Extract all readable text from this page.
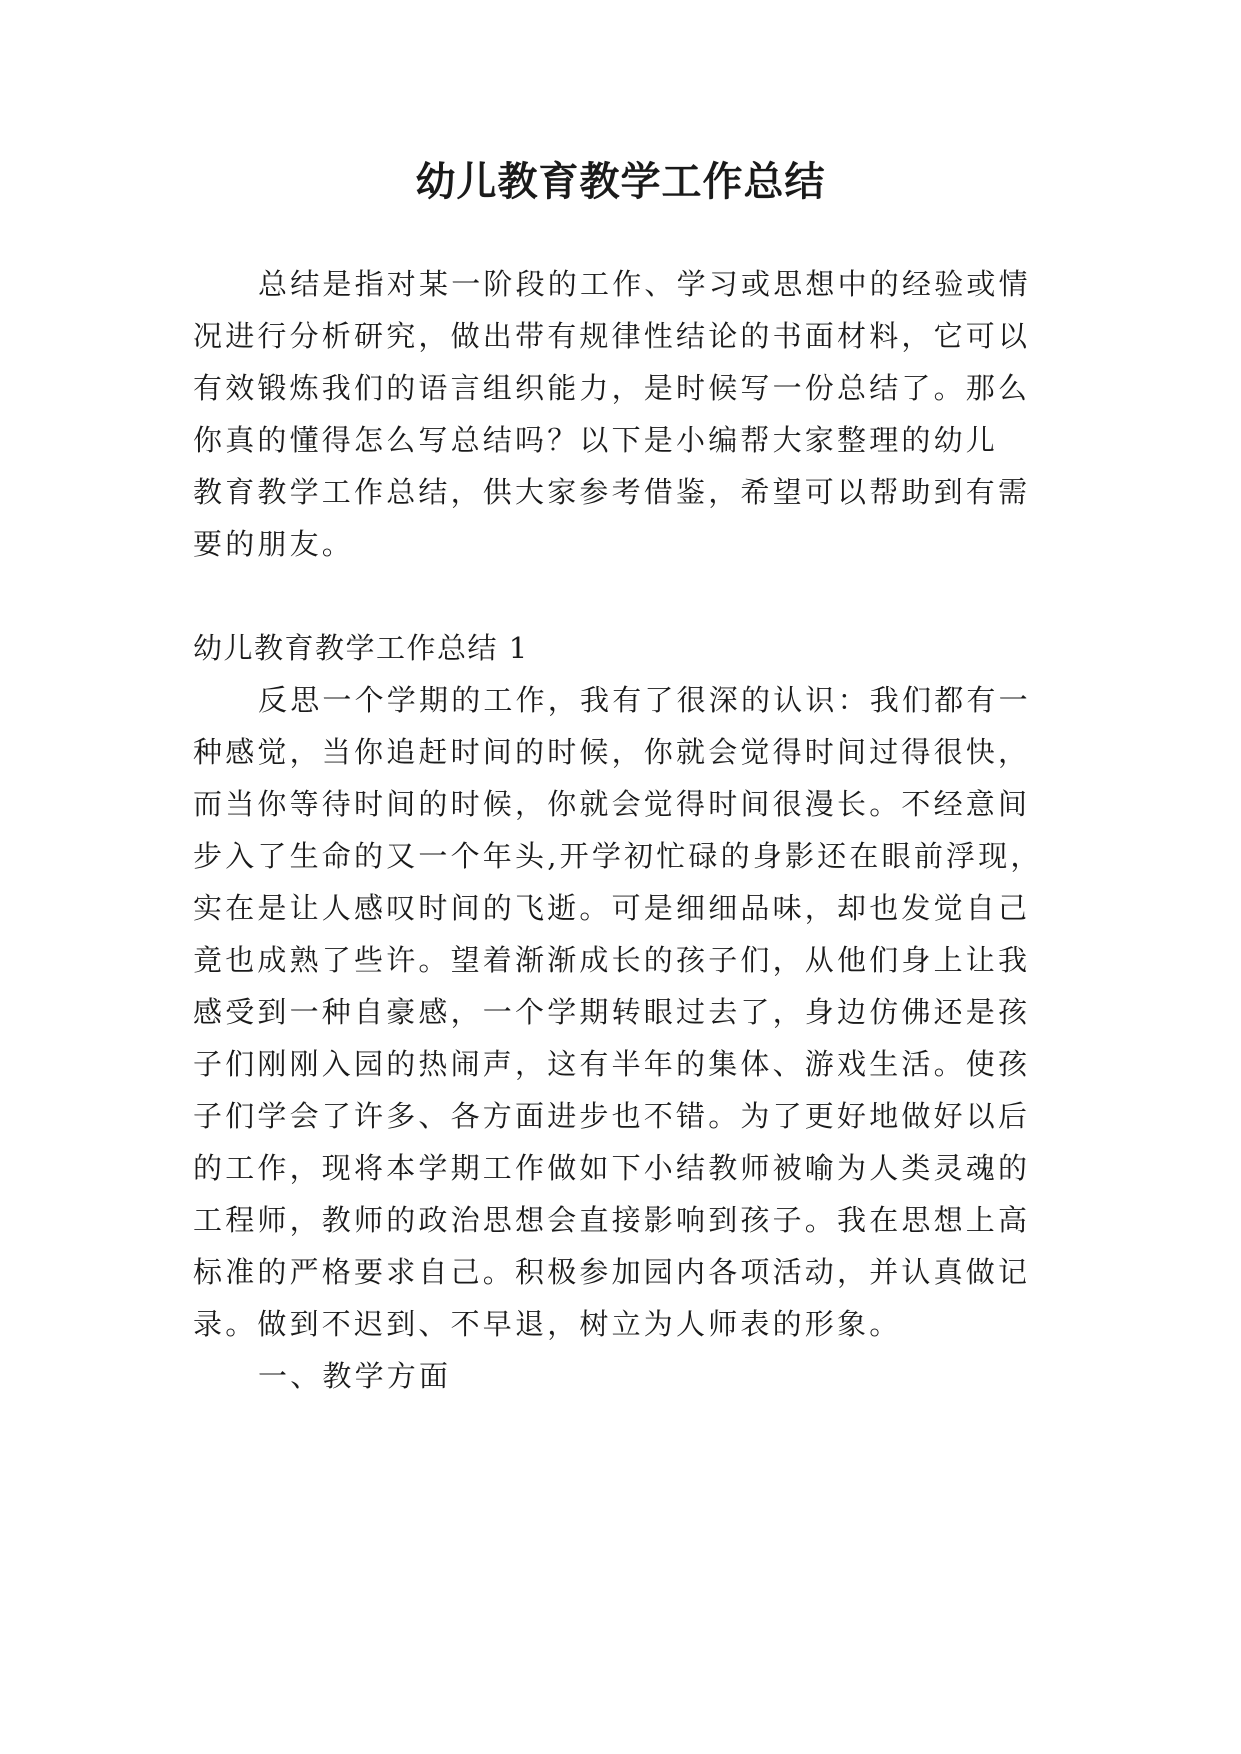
幼儿教育教学工作总结
总结是指对某一阶段的工作、学习或思想中的经验或情
况进行分析研究，做出带有规律性结论的书面材料，它可以
有效锻炼我们的语言组织能力，是时候写一份总结了。那么
你真的懂得怎么写总结吗？以下是小编帮大家整理的幼儿
教育教学工作总结，供大家参考借鉴，希望可以帮助到有需
要的朋友。
幼儿教育教学工作总结 1
反思一个学期的工作，我有了很深的认识：我们都有一
种感觉，当你追赶时间的时候，你就会觉得时间过得很快，
而当你等待时间的时候，你就会觉得时间很漫长。不经意间
步入了生命的又一个年头,开学初忙碌的身影还在眼前浮现，
实在是让人感叹时间的飞逝。可是细细品味，却也发觉自己
竟也成熟了些许。望着渐渐成长的孩子们，从他们身上让我
感受到一种自豪感，一个学期转眼过去了，身边仿佛还是孩
子们刚刚入园的热闹声，这有半年的集体、游戏生活。使孩
子们学会了许多、各方面进步也不错。为了更好地做好以后
的工作，现将本学期工作做如下小结教师被喻为人类灵魂的
工程师，教师的政治思想会直接影响到孩子。我在思想上高
标准的严格要求自己。积极参加园内各项活动，并认真做记
录。做到不迟到、不早退，树立为人师表的形象。
一、教学方面
